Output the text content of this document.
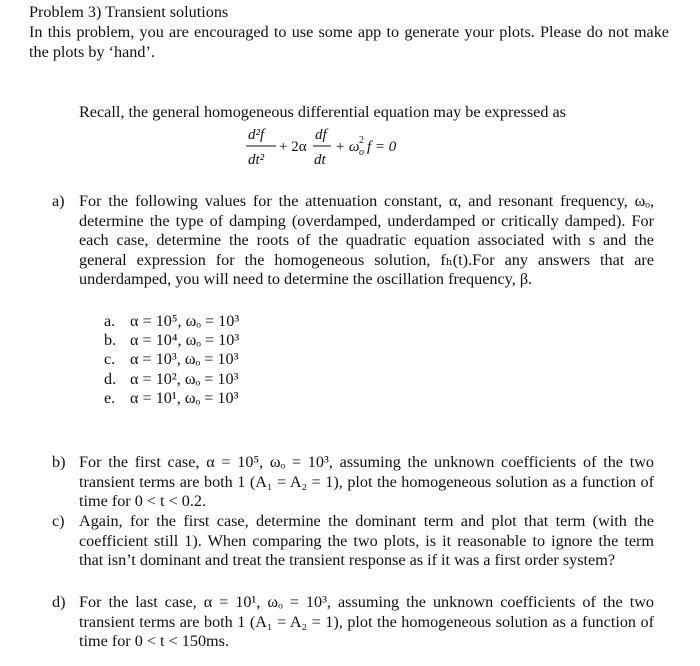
Problem 3) Transient solutions
In this problem, you are encouraged to use some app to generate your plots. Please do not make the plots by ‘hand’.
Recall, the general homogeneous differential equation may be expressed as
d²f
dt²
+ 2α
df
dt
+ ω o
2 f = 0
a) For the following values for the attenuation constant, α, and resonant frequency, ωₒ, determine the type of damping (overdamped, underdamped or critically damped). For each case, determine the roots of the quadratic equation associated with s and the general expression for the homogeneous solution, fₕ(t).For any answers that are underdamped, you will need to determine the oscillation frequency, β.
a. α = 10⁵, ωₒ = 10³
b. α = 10⁴, ωₒ = 10³
c. α = 10³, ωₒ = 10³
d. α = 10², ωₒ = 10³
e. α = 10¹, ωₒ = 10³
b) For the first case, α = 10⁵, ωₒ = 10³, assuming the unknown coefficients of the two transient terms are both 1 (A₁ = A₂ = 1), plot the homogeneous solution as a function of time for 0 < t < 0.2.
c) Again, for the first case, determine the dominant term and plot that term (with the coefficient still 1). When comparing the two plots, is it reasonable to ignore the term that isn’t dominant and treat the transient response as if it was a first order system?
d) For the last case, α = 10¹, ωₒ = 10³, assuming the unknown coefficients of the two transient terms are both 1 (A₁ = A₂ = 1), plot the homogeneous solution as a function of time for 0 < t < 150ms.
